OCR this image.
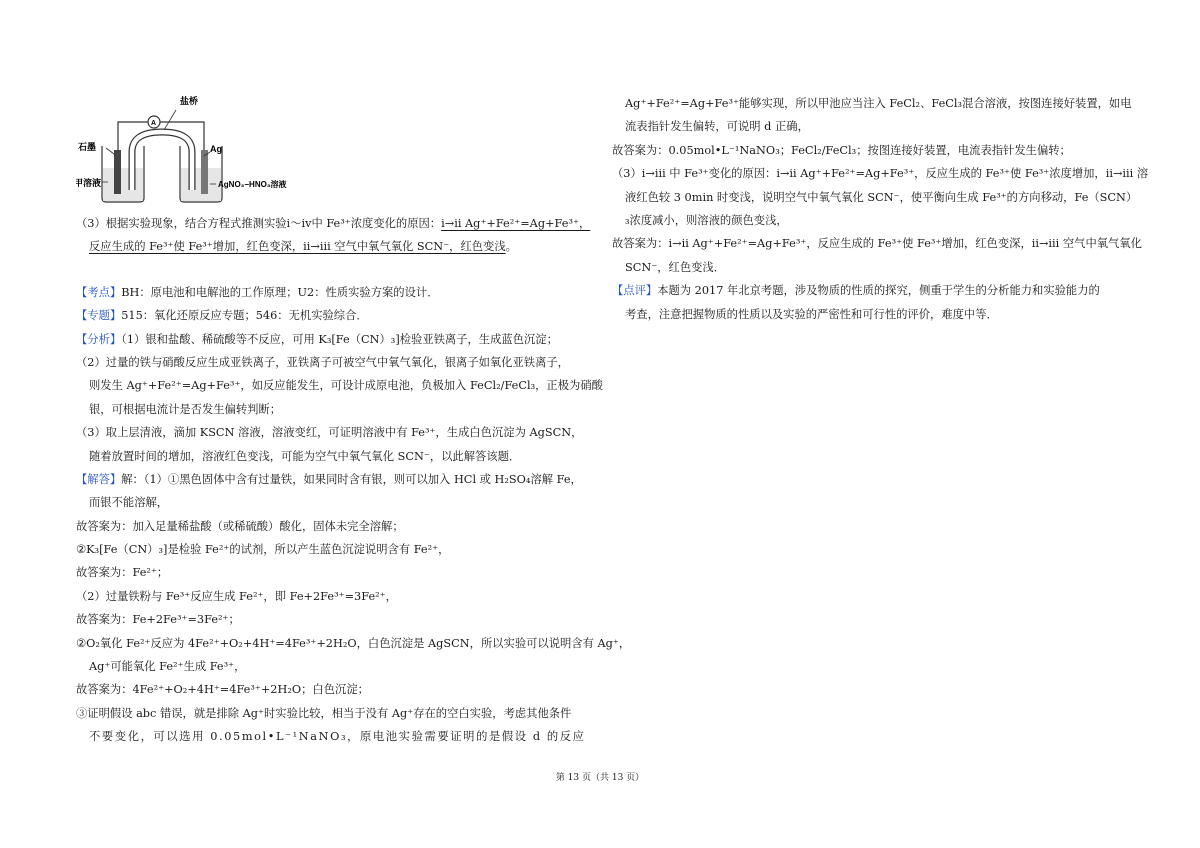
盐桥
A
石墨	Ag
甲溶液	AgNO₃−HNO₃溶液
（3）根据实验现象，结合方程式推测实验ⅰ～ⅳ中 Fe³⁺浓度变化的原因：ⅰ→ⅱ Ag⁺+Fe²⁺=Ag+Fe³⁺，
反应生成的 Fe³⁺使 Fe³⁺增加，红色变深，ⅱ→ⅲ 空气中氧气氧化 SCN⁻，红色变浅。
【考点】BH：原电池和电解池的工作原理；U2：性质实验方案的设计．
【专题】515：氧化还原反应专题；546：无机实验综合．
【分析】（1）银和盐酸、稀硫酸等不反应，可用 K₃[Fe（CN）₃]检验亚铁离子，生成蓝色沉淀；
（2）过量的铁与硝酸反应生成亚铁离子，亚铁离子可被空气中氧气氧化，银离子如氧化亚铁离子，
则发生 Ag⁺+Fe²⁺=Ag+Fe³⁺，如反应能发生，可设计成原电池，负极加入 FeCl₂/FeCl₃，正极为硝酸
银，可根据电流计是否发生偏转判断；
（3）取上层清液，滴加 KSCN 溶液，溶液变红，可证明溶液中有 Fe³⁺，生成白色沉淀为 AgSCN，
随着放置时间的增加，溶液红色变浅，可能为空气中氧气氧化 SCN⁻，以此解答该题．
【解答】解：（1）①黑色固体中含有过量铁，如果同时含有银，则可以加入 HCl 或 H₂SO₄溶解 Fe，
而银不能溶解，
故答案为：加入足量稀盐酸（或稀硫酸）酸化，固体未完全溶解；
②K₃[Fe（CN）₃]是检验 Fe²⁺的试剂，所以产生蓝色沉淀说明含有 Fe²⁺，
故答案为：Fe²⁺；
（2）过量铁粉与 Fe³⁺反应生成 Fe²⁺，即 Fe+2Fe³⁺=3Fe²⁺，
故答案为：Fe+2Fe³⁺=3Fe²⁺；
②O₂氧化 Fe²⁺反应为 4Fe²⁺+O₂+4H⁺=4Fe³⁺+2H₂O，白色沉淀是 AgSCN，所以实验可以说明含有 Ag⁺，
Ag⁺可能氧化 Fe²⁺生成 Fe³⁺，
故答案为：4Fe²⁺+O₂+4H⁺=4Fe³⁺+2H₂O；白色沉淀；
③证明假设 abc 错误，就是排除 Ag⁺时实验比较，相当于没有 Ag⁺存在的空白实验，考虑其他条件
不要变化，可以选用 0.05mol•L⁻¹NaNO₃，原电池实验需要证明的是假设 d 的反应
Ag⁺+Fe²⁺=Ag+Fe³⁺能够实现，所以甲池应当注入 FeCl₂、FeCl₃混合溶液，按图连接好装置，如电
流表指针发生偏转，可说明 d 正确，
故答案为：0.05mol•L⁻¹NaNO₃；FeCl₂/FeCl₃；按图连接好装置，电流表指针发生偏转；
（3）ⅰ→ⅲ 中 Fe³⁺变化的原因：ⅰ→ⅱ Ag⁺+Fe²⁺=Ag+Fe³⁺，反应生成的 Fe³⁺使 Fe³⁺浓度增加，ⅱ→ⅲ 溶
液红色较 3 0min 时变浅，说明空气中氧气氧化 SCN⁻，使平衡向生成 Fe³⁺的方向移动，Fe（SCN）
₃浓度减小，则溶液的颜色变浅，
故答案为：ⅰ→ⅱ Ag⁺+Fe²⁺=Ag+Fe³⁺，反应生成的 Fe³⁺使 Fe³⁺增加，红色变深，ⅱ→ⅲ 空气中氧气氧化
SCN⁻，红色变浅．
【点评】本题为 2017 年北京考题，涉及物质的性质的探究，侧重于学生的分析能力和实验能力的
考查，注意把握物质的性质以及实验的严密性和可行性的评价，难度中等．
第 13 页（共 13 页）
